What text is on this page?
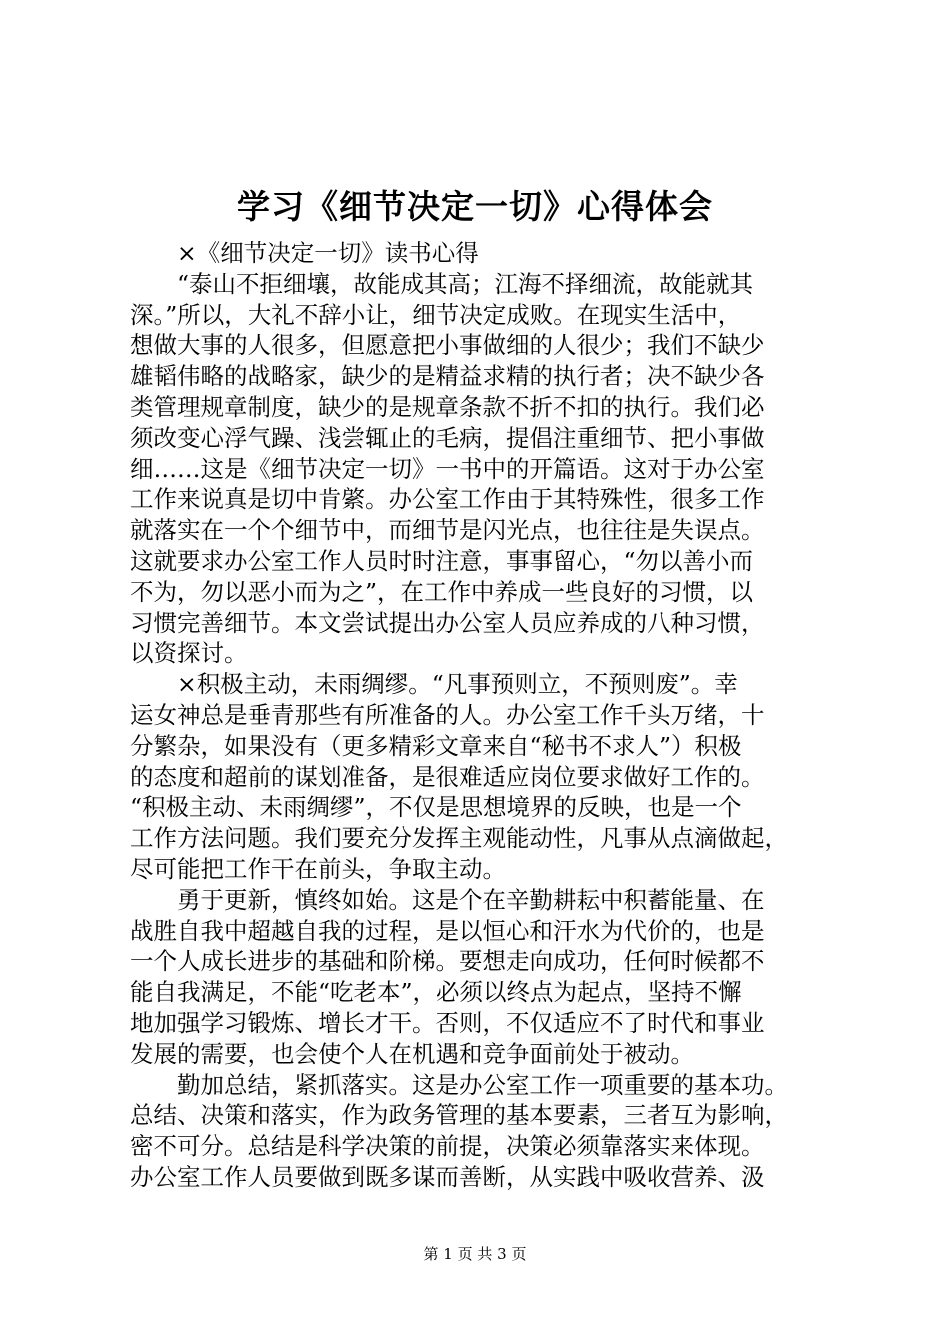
学习《细节决定一切》心得体会
×《细节决定一切》读书心得
“泰山不拒细壤，故能成其高；江海不择细流，故能就其
深。”所以，大礼不辞小让，细节决定成败。在现实生活中，
想做大事的人很多，但愿意把小事做细的人很少；我们不缺少
雄韬伟略的战略家，缺少的是精益求精的执行者；决不缺少各
类管理规章制度，缺少的是规章条款不折不扣的执行。我们必
须改变心浮气躁、浅尝辄止的毛病，提倡注重细节、把小事做
细……这是《细节决定一切》一书中的开篇语。这对于办公室
工作来说真是切中肯綮。办公室工作由于其特殊性，很多工作
就落实在一个个细节中，而细节是闪光点，也往往是失误点。
这就要求办公室工作人员时时注意，事事留心，“勿以善小而
不为，勿以恶小而为之”，在工作中养成一些良好的习惯，以
习惯完善细节。本文尝试提出办公室人员应养成的八种习惯，
以资探讨。
×积极主动，未雨绸缪。“凡事预则立，不预则废”。幸
运女神总是垂青那些有所准备的人。办公室工作千头万绪，十
分繁杂，如果没有（更多精彩文章来自“秘书不求人”）积极
的态度和超前的谋划准备，是很难适应岗位要求做好工作的。
“积极主动、未雨绸缪”，不仅是思想境界的反映，也是一个
工作方法问题。我们要充分发挥主观能动性，凡事从点滴做起，
尽可能把工作干在前头，争取主动。
勇于更新，慎终如始。这是个在辛勤耕耘中积蓄能量、在
战胜自我中超越自我的过程，是以恒心和汗水为代价的，也是
一个人成长进步的基础和阶梯。要想走向成功，任何时候都不
能自我满足，不能“吃老本”，必须以终点为起点，坚持不懈
地加强学习锻炼、增长才干。否则，不仅适应不了时代和事业
发展的需要，也会使个人在机遇和竞争面前处于被动。
勤加总结，紧抓落实。这是办公室工作一项重要的基本功。
总结、决策和落实，作为政务管理的基本要素，三者互为影响，
密不可分。总结是科学决策的前提，决策必须靠落实来体现。
办公室工作人员要做到既多谋而善断，从实践中吸收营养、汲
第 1 页 共 3 页
